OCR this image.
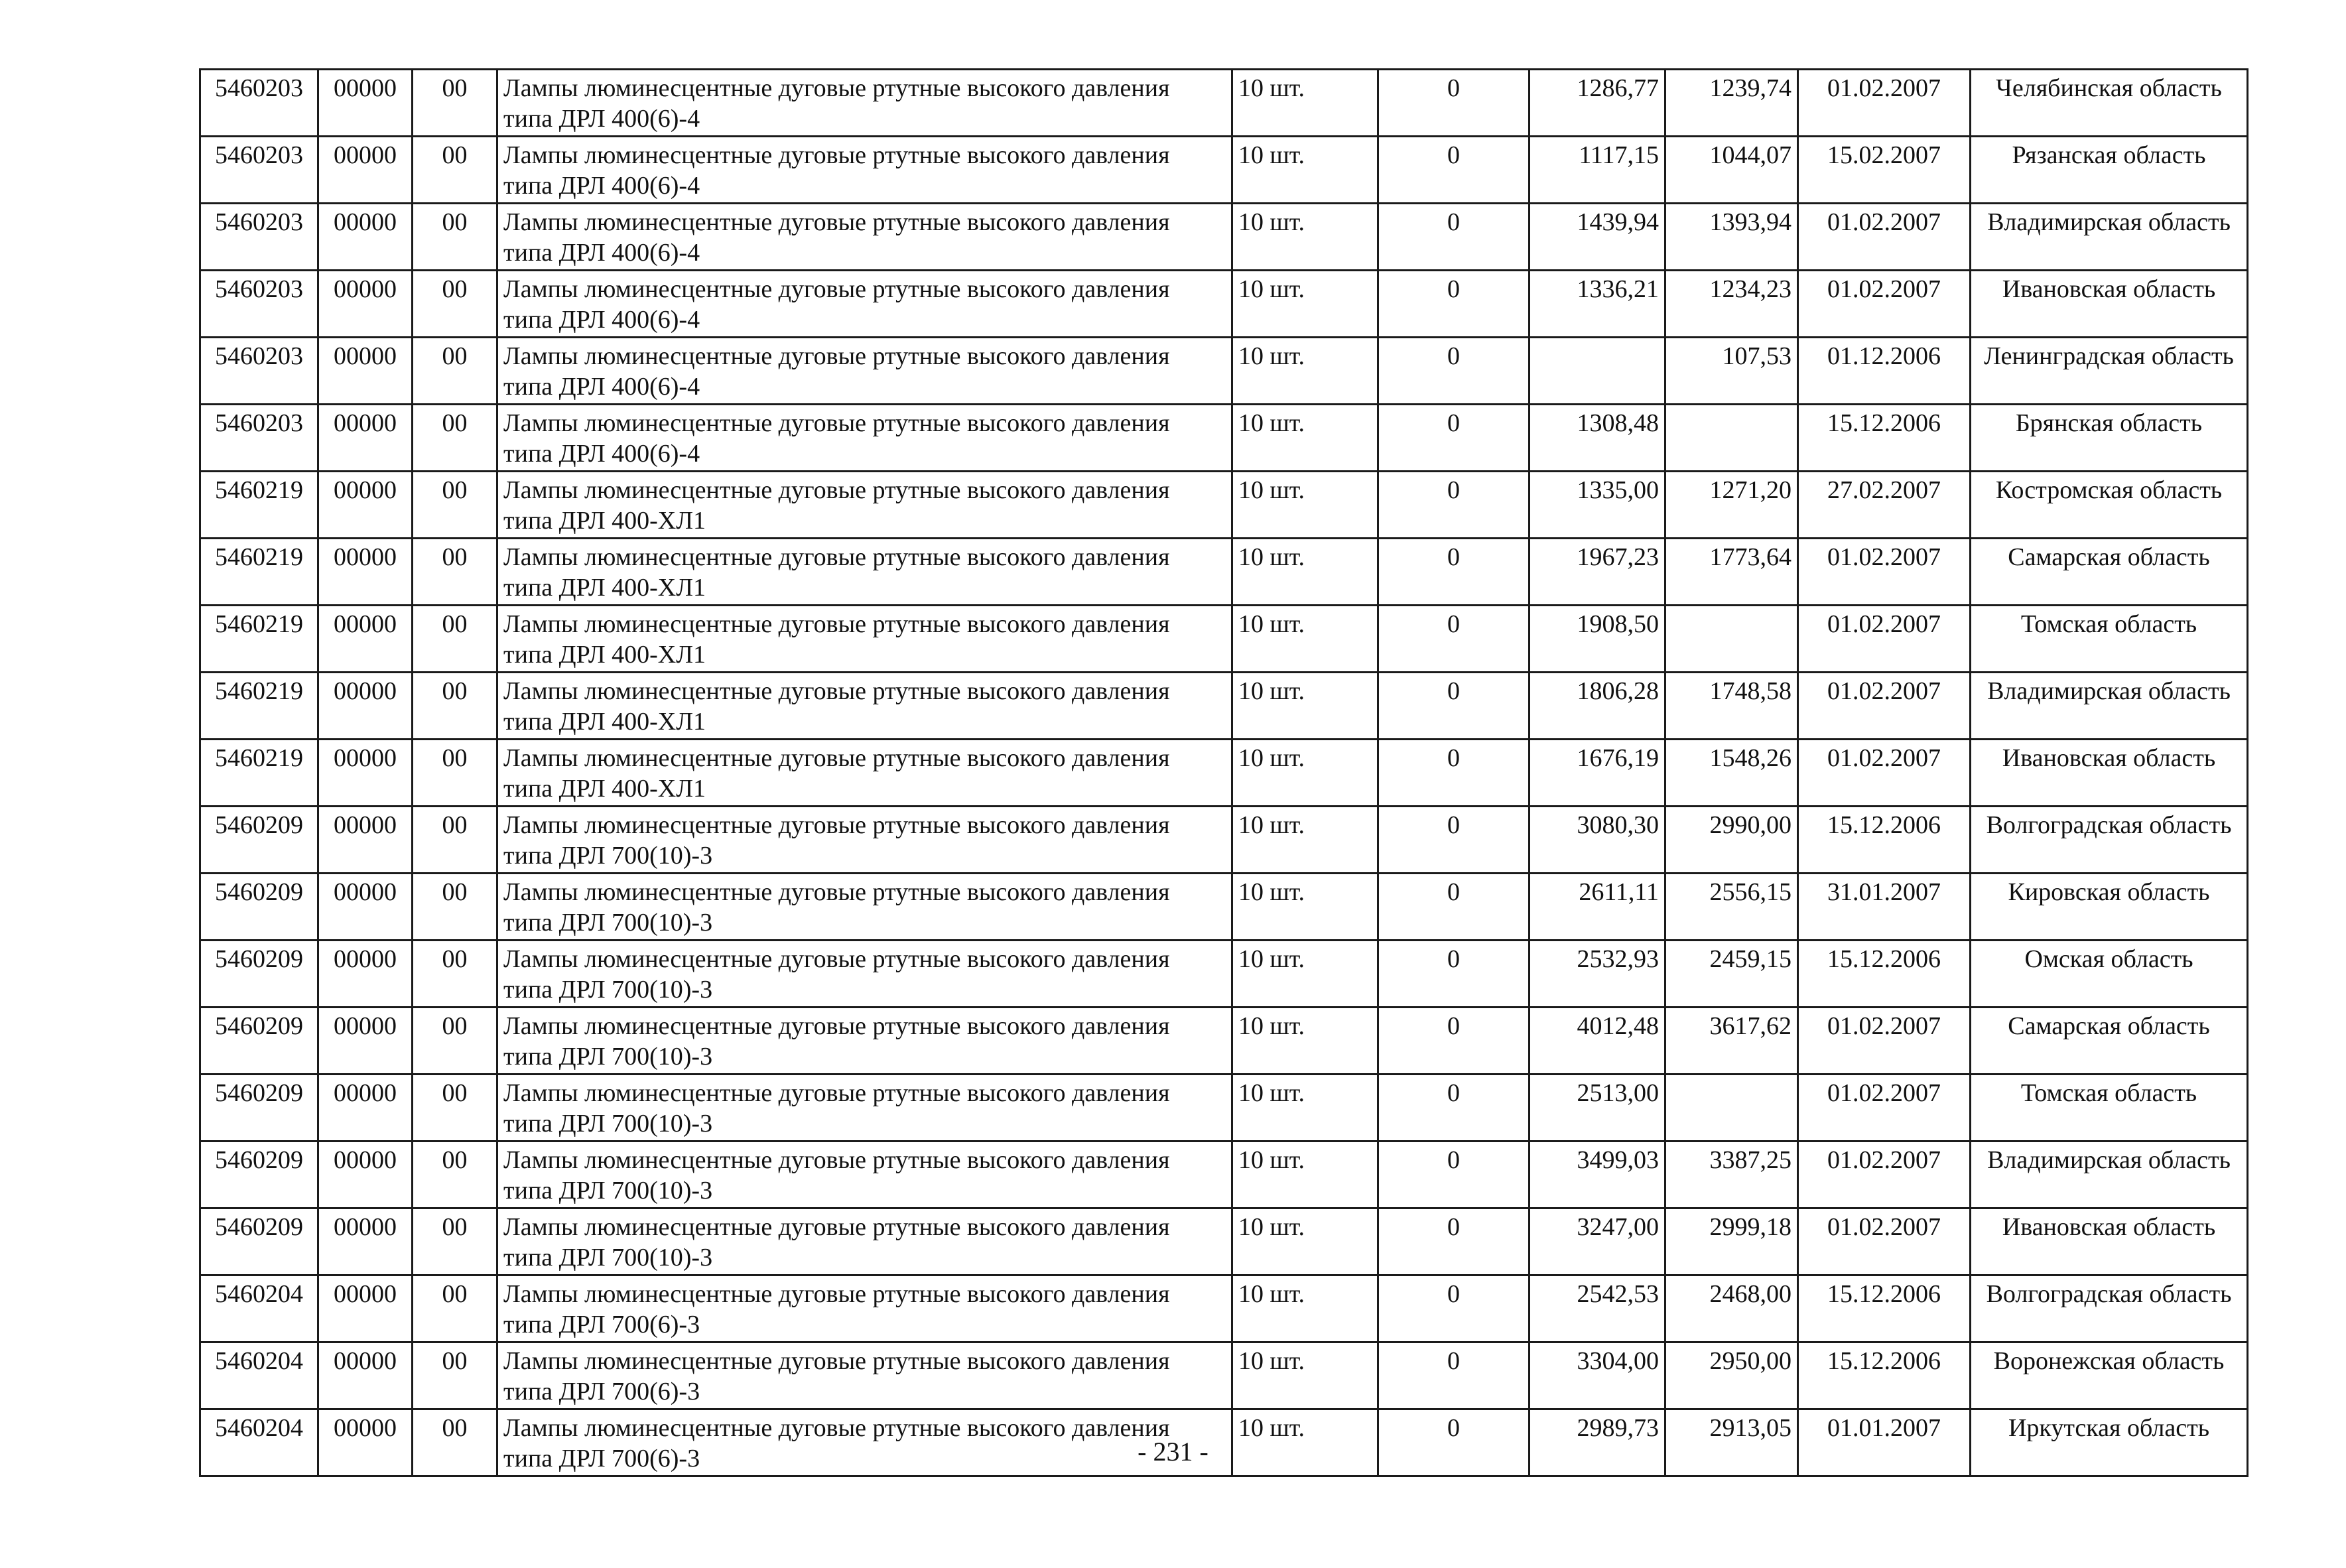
5460203	00000	00	Лампы люминесцентные дуговые ртутные высокого давления
типа ДРЛ 400(6)-4	10 шт.	0	1286,77	1239,74	01.02.2007	Челябинская область
5460203	00000	00	Лампы люминесцентные дуговые ртутные высокого давления
типа ДРЛ 400(6)-4	10 шт.	0	1117,15	1044,07	15.02.2007	Рязанская область
5460203	00000	00	Лампы люминесцентные дуговые ртутные высокого давления
типа ДРЛ 400(6)-4	10 шт.	0	1439,94	1393,94	01.02.2007	Владимирская область
5460203	00000	00	Лампы люминесцентные дуговые ртутные высокого давления
типа ДРЛ 400(6)-4	10 шт.	0	1336,21	1234,23	01.02.2007	Ивановская область
5460203	00000	00	Лампы люминесцентные дуговые ртутные высокого давления
типа ДРЛ 400(6)-4	10 шт.	0		107,53	01.12.2006	Ленинградская область
5460203	00000	00	Лампы люминесцентные дуговые ртутные высокого давления
типа ДРЛ 400(6)-4	10 шт.	0	1308,48		15.12.2006	Брянская область
5460219	00000	00	Лампы люминесцентные дуговые ртутные высокого давления
типа ДРЛ 400-ХЛ1	10 шт.	0	1335,00	1271,20	27.02.2007	Костромская область
5460219	00000	00	Лампы люминесцентные дуговые ртутные высокого давления
типа ДРЛ 400-ХЛ1	10 шт.	0	1967,23	1773,64	01.02.2007	Самарская область
5460219	00000	00	Лампы люминесцентные дуговые ртутные высокого давления
типа ДРЛ 400-ХЛ1	10 шт.	0	1908,50		01.02.2007	Томская область
5460219	00000	00	Лампы люминесцентные дуговые ртутные высокого давления
типа ДРЛ 400-ХЛ1	10 шт.	0	1806,28	1748,58	01.02.2007	Владимирская область
5460219	00000	00	Лампы люминесцентные дуговые ртутные высокого давления
типа ДРЛ 400-ХЛ1	10 шт.	0	1676,19	1548,26	01.02.2007	Ивановская область
5460209	00000	00	Лампы люминесцентные дуговые ртутные высокого давления
типа ДРЛ 700(10)-3	10 шт.	0	3080,30	2990,00	15.12.2006	Волгоградская область
5460209	00000	00	Лампы люминесцентные дуговые ртутные высокого давления
типа ДРЛ 700(10)-3	10 шт.	0	2611,11	2556,15	31.01.2007	Кировская область
5460209	00000	00	Лампы люминесцентные дуговые ртутные высокого давления
типа ДРЛ 700(10)-3	10 шт.	0	2532,93	2459,15	15.12.2006	Омская область
5460209	00000	00	Лампы люминесцентные дуговые ртутные высокого давления
типа ДРЛ 700(10)-3	10 шт.	0	4012,48	3617,62	01.02.2007	Самарская область
5460209	00000	00	Лампы люминесцентные дуговые ртутные высокого давления
типа ДРЛ 700(10)-3	10 шт.	0	2513,00		01.02.2007	Томская область
5460209	00000	00	Лампы люминесцентные дуговые ртутные высокого давления
типа ДРЛ 700(10)-3	10 шт.	0	3499,03	3387,25	01.02.2007	Владимирская область
5460209	00000	00	Лампы люминесцентные дуговые ртутные высокого давления
типа ДРЛ 700(10)-3	10 шт.	0	3247,00	2999,18	01.02.2007	Ивановская область
5460204	00000	00	Лампы люминесцентные дуговые ртутные высокого давления
типа ДРЛ 700(6)-3	10 шт.	0	2542,53	2468,00	15.12.2006	Волгоградская область
5460204	00000	00	Лампы люминесцентные дуговые ртутные высокого давления
типа ДРЛ 700(6)-3	10 шт.	0	3304,00	2950,00	15.12.2006	Воронежская область
5460204	00000	00	Лампы люминесцентные дуговые ртутные высокого давления
типа ДРЛ 700(6)-3	10 шт.	0	2989,73	2913,05	01.01.2007	Иркутская область
- 231 -
